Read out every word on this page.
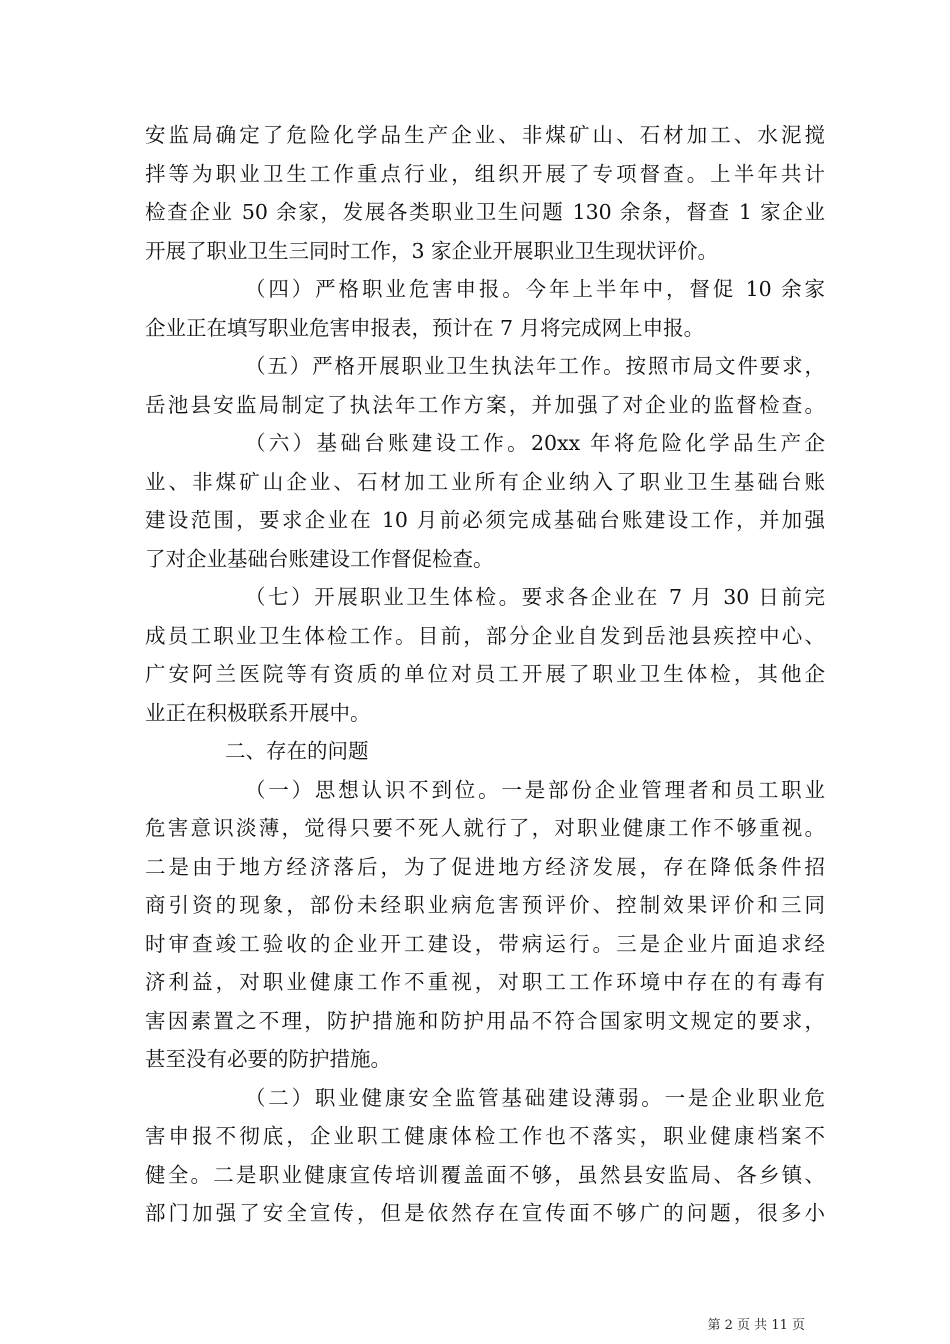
安监局确定了危险化学品生产企业、非煤矿山、石材加工、水泥搅
拌等为职业卫生工作重点行业，组织开展了专项督查。上半年共计
检查企业 50 余家，发展各类职业卫生问题 130 余条，督查 1 家企业
开展了职业卫生三同时工作，3 家企业开展职业卫生现状评价。
（四）严格职业危害申报。今年上半年中，督促 10 余家
企业正在填写职业危害申报表，预计在 7 月将完成网上申报。
（五）严格开展职业卫生执法年工作。按照市局文件要求，
岳池县安监局制定了执法年工作方案，并加强了对企业的监督检查。
（六）基础台账建设工作。20xx 年将危险化学品生产企
业、非煤矿山企业、石材加工业所有企业纳入了职业卫生基础台账
建设范围，要求企业在 10 月前必须完成基础台账建设工作，并加强
了对企业基础台账建设工作督促检查。
（七）开展职业卫生体检。要求各企业在 7 月 30 日前完
成员工职业卫生体检工作。目前，部分企业自发到岳池县疾控中心、
广安阿兰医院等有资质的单位对员工开展了职业卫生体检，其他企
业正在积极联系开展中。
二、存在的问题
（一）思想认识不到位。一是部份企业管理者和员工职业
危害意识淡薄，觉得只要不死人就行了，对职业健康工作不够重视。
二是由于地方经济落后，为了促进地方经济发展，存在降低条件招
商引资的现象，部份未经职业病危害预评价、控制效果评价和三同
时审查竣工验收的企业开工建设，带病运行。三是企业片面追求经
济利益，对职业健康工作不重视，对职工工作环境中存在的有毒有
害因素置之不理，防护措施和防护用品不符合国家明文规定的要求，
甚至没有必要的防护措施。
（二）职业健康安全监管基础建设薄弱。一是企业职业危
害申报不彻底，企业职工健康体检工作也不落实，职业健康档案不
健全。二是职业健康宣传培训覆盖面不够，虽然县安监局、各乡镇、
部门加强了安全宣传，但是依然存在宣传面不够广的问题，很多小
第 2 页 共 11 页
